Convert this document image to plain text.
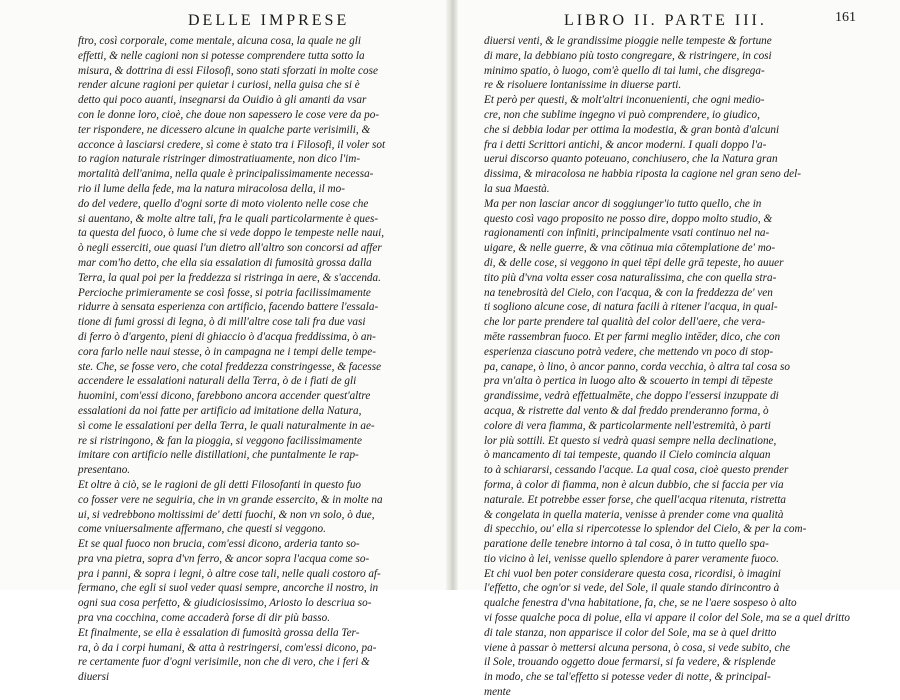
DELLE IMPRESE
ftro, così corporale, come mentale, alcuna cosa, la quale ne gli
effetti, & nelle cagioni non si potesse comprendere tutta sotto la
misura, & dottrina di essi Filosofi, sono stati sforzati in molte cose
render alcune ragioni per quietar i curiosi, nella guisa che si è
detto qui poco auanti, insegnarsi da Ouidio à gli amanti da vsar
con le donne loro, cioè, che doue non sapessero le cose vere da po-
ter rispondere, ne dicessero alcune in qualche parte verisimili, &
acconce à lasciarsi credere, sì come è stato tra i Filosofi, il voler sot
to ragion naturale ristringer dimostratiuamente, non dico l'im-
mortalità dell'anima, nella quale è principalissimamente necessa-
rio il lume della fede, ma la natura miracolosa della, il mo-
do del vedere, quello d'ogni sorte di moto violento nelle cose che
si auentano, & molte altre tali, fra le quali particolarmente è ques-
ta questa del fuoco, ò lume che si vede doppo le tempeste nelle naui,
ò negli esserciti, oue quasi l'un dietro all'altro son concorsi ad affer
mar com'ho detto, che ella sia essalation di fumosità grossa dalla
Terra, la qual poi per la freddezza si ristringa in aere, & s'accenda.
Percioche primieramente se così fosse, si potria facilissimamente
ridurre à sensata esperienza con artificio, facendo battere l'essala-
tione di fumi grossi di legna, ò di mill'altre cose tali fra due vasi
di ferro ò d'argento, pieni di ghiaccio ò d'acqua freddissima, ò an-
cora farlo nelle naui stesse, ò in campagna ne i tempi delle tempe-
ste. Che, se fosse vero, che cotal freddezza constringesse, & facesse
accendere le essalationi naturali della Terra, ò de i fiati de gli
huomini, com'essi dicono, farebbono ancora accender quest'altre
essalationi da noi fatte per artificio ad imitatione della Natura,
sì come le essalationi per della Terra, le quali naturalmente in ae-
re si ristringono, & fan la pioggia, si veggono facilissimamente
imitare con artificio nelle distillationi, che puntalmente le rap-
presentano.
Et oltre à ciò, se le ragioni de gli detti Filosofanti in questo fuo
co fosser vere ne seguiria, che in vn grande essercito, & in molte na
ui, si vedrebbono moltissimi de' detti fuochi, & non vn solo, ò due,
come vniuersalmente affermano, che questi si veggono.
Et se qual fuoco non brucia, com'essi dicono, arderia tanto so-
pra vna pietra, sopra d'vn ferro, & ancor sopra l'acqua come so-
pra i panni, & sopra i legni, ò altre cose tali, nelle quali costoro af-
fermano, che egli si suol veder quasi sempre, ancorche il nostro, in
ogni sua cosa perfetto, & giudiciosissimo, Ariosto lo descriua so-
pra vna cocchina, come accaderà forse di dir più basso.
Et finalmente, se ella è essalation di fumosità grossa della Ter-
ra, ò da i corpi humani, & atta à restringersi, com'essi dicono, pa-
re certamente fuor d'ogni verisimile, non che di vero, che i feri &
diuersi
LIBRO II. PARTE III.	161
diuersi venti, & le grandissime pioggie nelle tempeste & fortune
di mare, la debbiano più tosto congregare, & ristringere, in cosi
minimo spatio, ò luogo, com'è quello di tai lumi, che disgrega-
re & risoluere lontanissime in diuerse parti.
Et però per questi, & molt'altri inconuenienti, che ogni medio-
cre, non che sublime ingegno vi può comprendere, io giudico,
che si debbia lodar per ottima la modestia, & gran bontà d'alcuni
fra i detti Scrittori antichi, & ancor moderni. I quali doppo l'a-
uerui discorso quanto poteuano, conchiusero, che la Natura gran
dissima, & miracolosa ne habbia riposta la cagione nel gran seno del-
la sua Maestà.
Ma per non lasciar ancor di soggiunger'io tutto quello, che in
questo così vago proposito ne posso dire, doppo molto studio, &
ragionamenti con infiniti, principalmente vsati continuo nel na-
uigare, & nelle guerre, & vna cōtinua mia cōtemplatione de' mo-
di, & delle cose, si veggono in quei tēpi delle grā tepeste, ho auuer
tito più d'vna volta esser cosa naturalissima, che con quella stra-
na tenebrosità del Cielo, con l'acqua, & con la freddezza de' ven
ti sogliono alcune cose, di natura facili à ritener l'acqua, in qual-
che lor parte prendere tal qualità del color dell'aere, che vera-
mēte rassembran fuoco. Et per farmi meglio intēder, dico, che con
esperienza ciascuno potrà vedere, che mettendo vn poco di stop-
pa, canape, ò lino, ò ancor panno, corda vecchia, ò altra tal cosa so
pra vn'alta ò pertica in luogo alto & scouerto in tempi di tēpeste
grandissime, vedrà effettualmēte, che doppo l'essersi inzuppate di
acqua, & ristrette dal vento & dal freddo prenderanno forma, ò
colore di vera fiamma, & particolarmente nell'estremità, ò parti
lor più sottili. Et questo si vedrà quasi sempre nella declinatione,
ò mancamento di tai tempeste, quando il Cielo comincia alquan
to à schiararsi, cessando l'acque. La qual cosa, cioè questo prender
forma, à color di fiamma, non è alcun dubbio, che si faccia per via
naturale. Et potrebbe esser forse, che quell'acqua ritenuta, ristretta
& congelata in quella materia, venisse à prender come vna qualità
di specchio, ou' ella si ripercotesse lo splendor del Cielo, & per la com-
paratione delle tenebre intorno à tal cosa, ò in tutto quello spa-
tio vicino à lei, venisse quello splendore à parer veramente fuoco.
Et chi vuol ben poter considerare questa cosa, ricordisi, ò imagini
l'effetto, che ogn'or si vede, del Sole, il quale stando dirincontro à
qualche fenestra d'vna habitatione, fa, che, se ne l'aere sospeso ò alto
vi fosse qualche poca di polue, ella vi appare il color del Sole, ma se a quel dritto
di tale stanza, non apparisce il color del Sole, ma se à quel dritto
viene à passar ò mettersi alcuna persona, ò cosa, si vede subito, che
il Sole, trouando oggetto doue fermarsi, si fa vedere, & risplende
in modo, che se tal'effetto si potesse veder di notte, & principal-
mente
